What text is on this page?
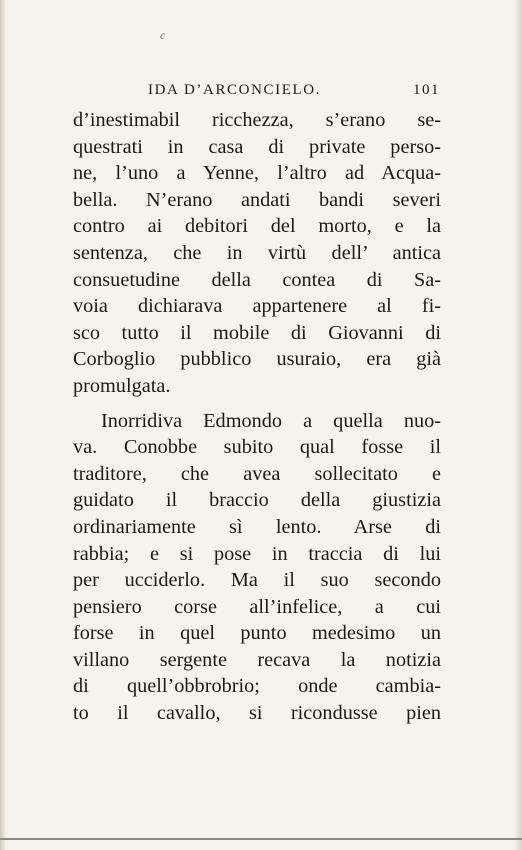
c
IDA D’ARCONCIELO.	101
d’inestimabil ricchezza, s’erano se-
questrati in casa di private perso-
ne, l’uno a Yenne, l’altro ad Acqua-
bella. N’erano andati bandi severi
contro ai debitori del morto, e la
sentenza, che in virtù dell’ antica
consuetudine della contea di Sa-
voia dichiarava appartenere al fi-
sco tutto il mobile di Giovanni di
Corboglio pubblico usuraio, era già
promulgata.
Inorridiva Edmondo a quella nuo-
va. Conobbe subito qual fosse il
traditore, che avea sollecitato e
guidato il braccio della giustizia
ordinariamente sì lento. Arse di
rabbia; e si pose in traccia di lui
per ucciderlo. Ma il suo secondo
pensiero corse all’infelice, a cui
forse in quel punto medesimo un
villano sergente recava la notizia
di quell’obbrobrio; onde cambia-
to il cavallo, si ricondusse pien
